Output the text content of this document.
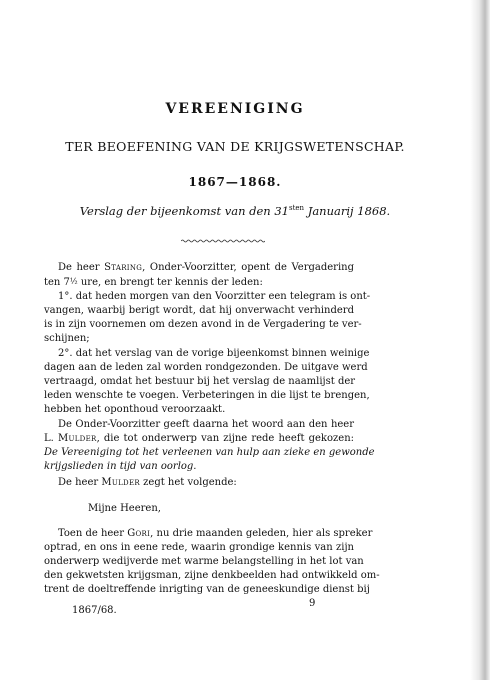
VEREENIGING
TER BEOEFENING VAN DE KRIJGSWETENSCHAP.
1867—1868.
Verslag der bijeenkomst van den $31^{sten}$ Januarij 1868.
De heer Staring, Onder-Voorzitter, opent de Vergadering
ten 7½ ure, en brengt ter kennis der leden:
1°. dat heden morgen van den Voorzitter een telegram is ont-
vangen, waarbij berigt wordt, dat hij onverwacht verhinderd
is in zijn voornemen om dezen avond in de Vergadering te ver-
schijnen;
2°. dat het verslag van de vorige bijeenkomst binnen weinige
dagen aan de leden zal worden rondgezonden. De uitgave werd
vertraagd, omdat het bestuur bij het verslag de naamlijst der
leden wenschte te voegen. Verbeteringen in die lijst te brengen,
hebben het oponthoud veroorzaakt.
De Onder-Voorzitter geeft daarna het woord aan den heer
L. Mulder, die tot onderwerp van zijne rede heeft gekozen:
De Vereeniging tot het verleenen van hulp aan zieke en gewonde
krijgslieden in tijd van oorlog.
De heer Mulder zegt het volgende:
Mijne Heeren,
Toen de heer Gori, nu drie maanden geleden, hier als spreker
optrad, en ons in eene rede, waarin grondige kennis van zijn
onderwerp wedijverde met warme belangstelling in het lot van
den gekwetsten krijgsman, zijne denkbeelden had ontwikkeld om-
trent de doeltreffende inrigting van de geneeskundige dienst bij
9
1867/68.
